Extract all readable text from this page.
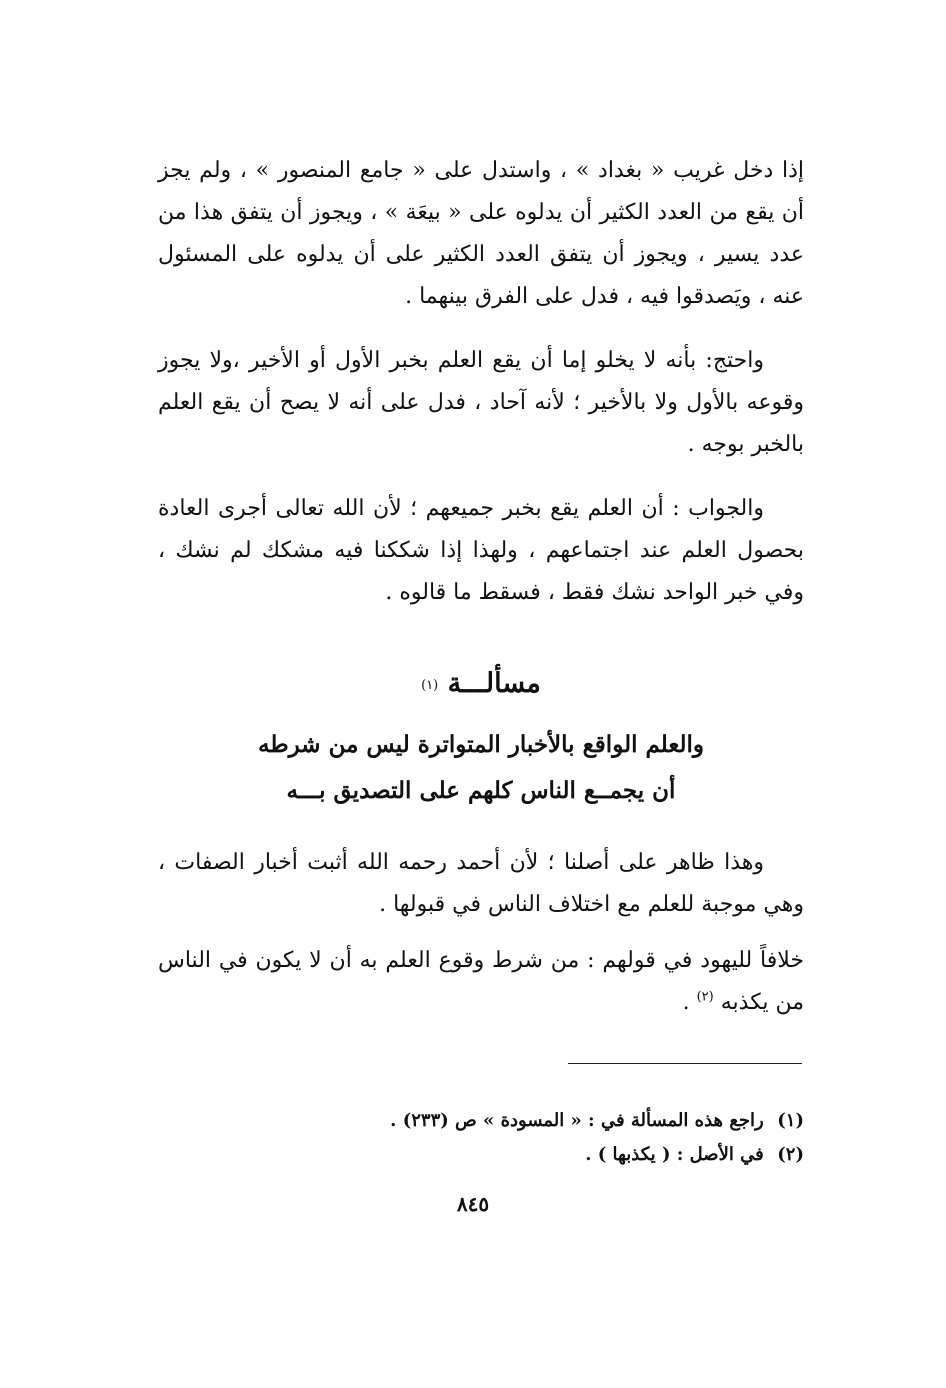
إذا دخل غريب « بغداد » ، واستدل على « جامع المنصور » ، ولم يجز أن يقع من العدد الكثير أن يدلوه على « بيعَة » ، ويجوز أن يتفق هذا من عدد يسير ، ويجوز أن يتفق العدد الكثير على أن يدلوه على المسئول عنه ، ويَصدقوا فيه ، فدل على الفرق بينهما .

واحتج: بأنه لا يخلو إما أن يقع العلم بخبر الأول أو الأخير ،ولا يجوز وقوعه بالأول ولا بالأخير ؛ لأنه آحاد ، فدل على أنه لا يصح أن يقع العلم بالخبر بوجه .

والجواب : أن العلم يقع بخبر جميعهم ؛ لأن الله تعالى أجرى العادة بحصول العلم عند اجتماعهم ، ولهذا إذا شككنا فيه مشكك لم نشك ، وفي خبر الواحد نشك فقط ، فسقط ما قالوه .

مسألـــة $^{(١)}$
والعلم الواقع بالأخبار المتواترة ليس من شرطه
أن يجمــع الناس كلهم على التصديق بـــه

وهذا ظاهر على أصلنا ؛ لأن أحمد رحمه الله أثبت أخبار الصفات ، وهي موجبة للعلم مع اختلاف الناس في قبولها .

خلافاً لليهود في قولهم : من شرط وقوع العلم به أن لا يكون في الناس من يكذبه $^{(٢)}$ .

(١) راجع هذه المسألة في : « المسودة » ص (٢٣٣) .
(٢) في الأصل : ( يكذبها ) .
٨٤٥
